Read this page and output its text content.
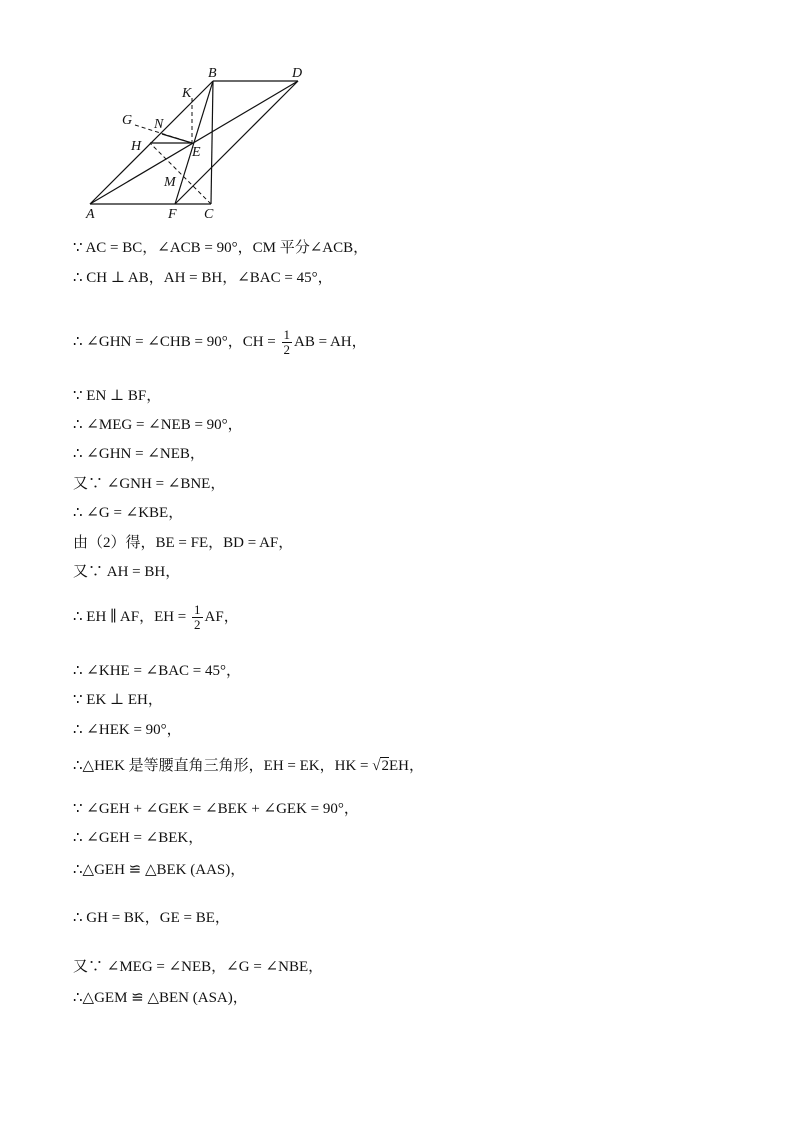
B	D
K
G N
H	E
M
A	F C
∵ AC = BC，∠ACB = 90°，CM 平分∠ACB，
∴ CH ⊥ AB，AH = BH，∠BAC = 45°，
∴ ∠GHN = ∠CHB = 90°，CH = $\frac{1}{2}$ AB = AH，
∵ EN ⊥ BF，
∴ ∠MEG = ∠NEB = 90°，
∴ ∠GHN = ∠NEB，
又∵ ∠GNH = ∠BNE，
∴ ∠G = ∠KBE，
由（2）得，BE = FE，BD = AF，
又∵ AH = BH，
∴ EH ∥ AF，EH = $\frac{1}{2}$ AF，
∴ ∠KHE = ∠BAC = 45°，
∵ EK ⊥ EH，
∴ ∠HEK = 90°，
∴△HEK 是等腰直角三角形，EH = EK，HK = √2EH，
∵ ∠GEH + ∠GEK = ∠BEK + ∠GEK = 90°，
∴ ∠GEH = ∠BEK，
∴△GEH ≌ △BEK (AAS)，
∴ GH = BK，GE = BE，
又∵ ∠MEG = ∠NEB，∠G = ∠NBE，
∴△GEM ≌ △BEN (ASA)，
